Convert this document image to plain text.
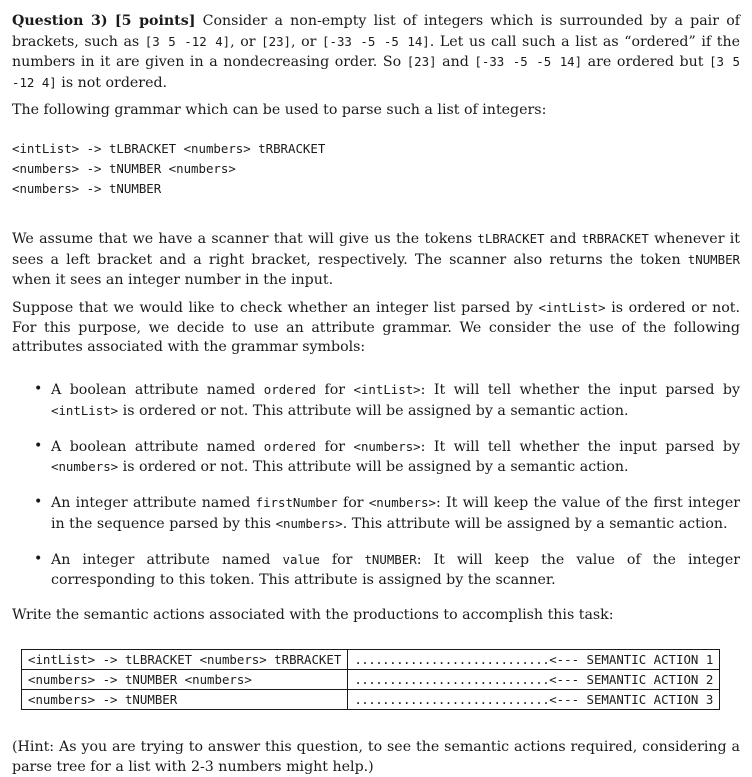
Question 3) [5 points] Consider a non-empty list of integers which is surrounded by a pair of brackets, such as [3 5 -12 4], or [23], or [-33 -5 -5 14]. Let us call such a list as “ordered” if the numbers in it are given in a nondecreasing order. So [23] and [-33 -5 -5 14] are ordered but [3 5 -12 4] is not ordered.

The following grammar which can be used to parse such a list of integers:

<intList> -> tLBRACKET <numbers> tRBRACKET
<numbers> -> tNUMBER <numbers>
<numbers> -> tNUMBER

We assume that we have a scanner that will give us the tokens tLBRACKET and tRBRACKET whenever it sees a left bracket and a right bracket, respectively. The scanner also returns the token tNUMBER when it sees an integer number in the input.

Suppose that we would like to check whether an integer list parsed by <intList> is ordered or not. For this purpose, we decide to use an attribute grammar. We consider the use of the following attributes associated with the grammar symbols:

• A boolean attribute named ordered for <intList>: It will tell whether the input parsed by <intList> is ordered or not. This attribute will be assigned by a semantic action.
• A boolean attribute named ordered for <numbers>: It will tell whether the input parsed by <numbers> is ordered or not. This attribute will be assigned by a semantic action.
• An integer attribute named firstNumber for <numbers>: It will keep the value of the first integer in the sequence parsed by this <numbers>. This attribute will be assigned by a semantic action.
• An integer attribute named value for tNUMBER: It will keep the value of the integer corresponding to this token. This attribute is assigned by the scanner.

Write the semantic actions associated with the productions to accomplish this task:

<intList> -> tLBRACKET <numbers> tRBRACKET	............................	<--- SEMANTIC ACTION 1
<numbers> -> tNUMBER <numbers>	............................	<--- SEMANTIC ACTION 2
<numbers> -> tNUMBER	............................	<--- SEMANTIC ACTION 3

(Hint: As you are trying to answer this question, to see the semantic actions required, considering a parse tree for a list with 2-3 numbers might help.)
